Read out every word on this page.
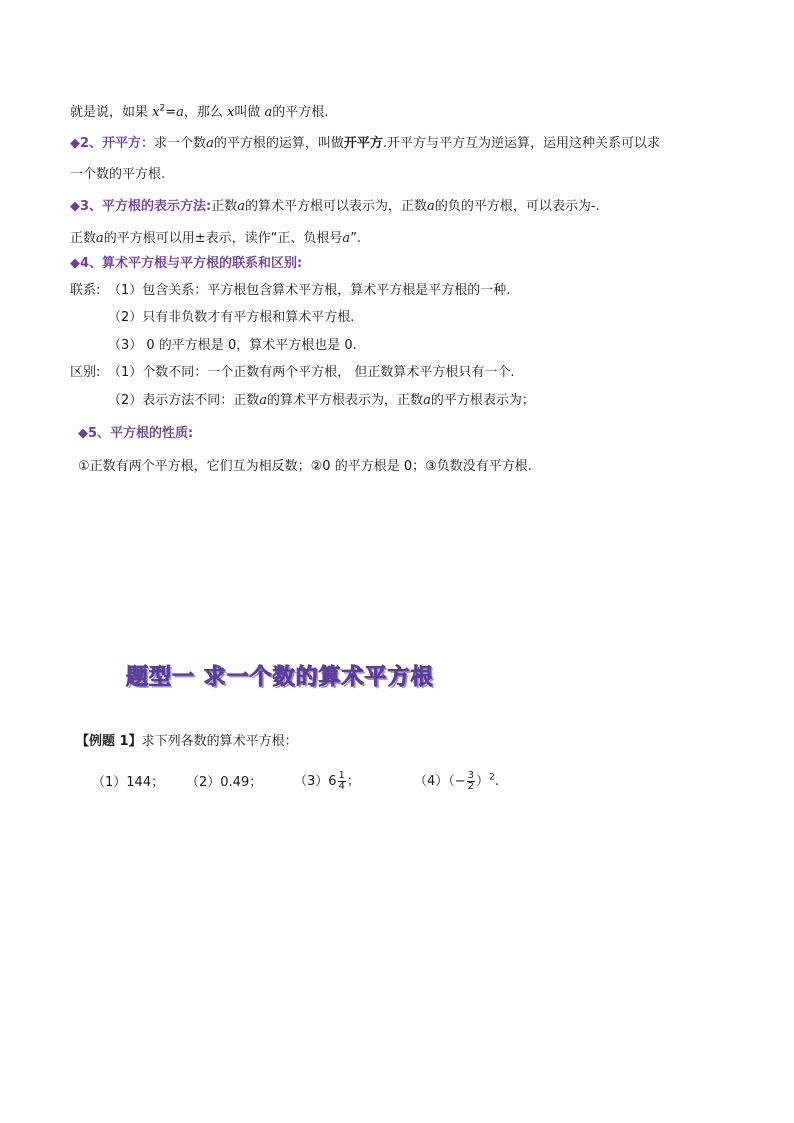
就是说，如果 $x^2=a$，那么 x叫做 a的平方根.
◆2、开平方：求一个数a的平方根的运算，叫做开平方.开平方与平方互为逆运算，运用这种关系可以求
一个数的平方根.
◆3、平方根的表示方法:正数a的算术平方根可以表示为，正数a的负的平方根，可以表示为-.
正数a的平方根可以用±表示，读作“正、负根号a”.
◆4、算术平方根与平方根的联系和区别:
联系: （1）包含关系：平方根包含算术平方根，算术平方根是平方根的一种.
（2）只有非负数才有平方根和算术平方根.
（3） 0 的平方根是 0，算术平方根也是 0.
区别: （1）个数不同：一个正数有两个平方根， 但正数算术平方根只有一个.
（2）表示方法不同：正数a的算术平方根表示为，正数a的平方根表示为；
◆5、平方根的性质:
①正数有两个平方根，它们互为相反数；②0 的平方根是 0；③负数没有平方根.
题型一 求一个数的算术平方根
【例题 1】求下列各数的算术平方根：
（1）144； （2）0.49； $(3)6 \frac{1}{4}$ ；	$(4)(- \frac{3}{2} )^2$.
